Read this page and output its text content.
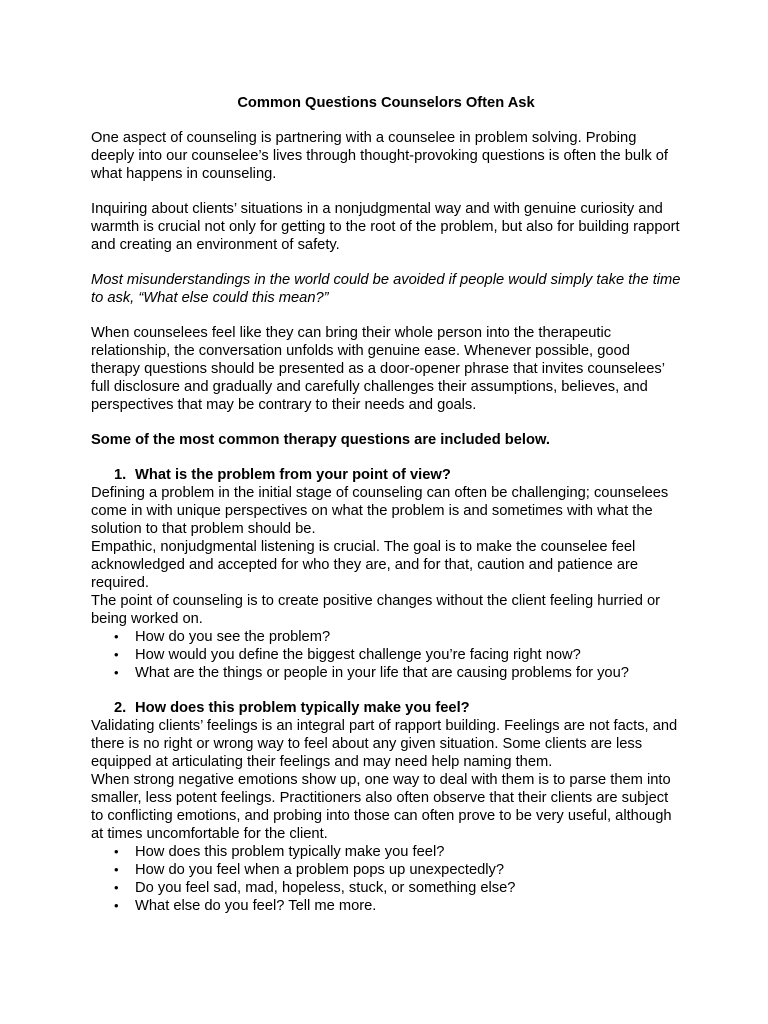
Common Questions Counselors Often Ask

One aspect of counseling is partnering with a counselee in problem solving. Probing deeply into our counselee’s lives through thought-provoking questions is often the bulk of what happens in counseling.

Inquiring about clients’ situations in a nonjudgmental way and with genuine curiosity and warmth is crucial not only for getting to the root of the problem, but also for building rapport and creating an environment of safety.

Most misunderstandings in the world could be avoided if people would simply take the time to ask, “What else could this mean?”

When counselees feel like they can bring their whole person into the therapeutic relationship, the conversation unfolds with genuine ease. Whenever possible, good therapy questions should be presented as a door-opener phrase that invites counselees’ full disclosure and gradually and carefully challenges their assumptions, believes, and perspectives that may be contrary to their needs and goals.

Some of the most common therapy questions are included below.

1. What is the problem from your point of view?

Defining a problem in the initial stage of counseling can often be challenging; counselees come in with unique perspectives on what the problem is and sometimes with what the solution to that problem should be.

Empathic, nonjudgmental listening is crucial. The goal is to make the counselee feel acknowledged and accepted for who they are, and for that, caution and patience are required.

The point of counseling is to create positive changes without the client feeling hurried or being worked on.

•	How do you see the problem?
•	How would you define the biggest challenge you’re facing right now?
•	What are the things or people in your life that are causing problems for you?
2. How does this problem typically make you feel?

Validating clients’ feelings is an integral part of rapport building. Feelings are not facts, and there is no right or wrong way to feel about any given situation. Some clients are less equipped at articulating their feelings and may need help naming them.

When strong negative emotions show up, one way to deal with them is to parse them into smaller, less potent feelings. Practitioners also often observe that their clients are subject to conflicting emotions, and probing into those can often prove to be very useful, although at times uncomfortable for the client.

•	How does this problem typically make you feel?
•	How do you feel when a problem pops up unexpectedly?
•	Do you feel sad, mad, hopeless, stuck, or something else?
•	What else do you feel? Tell me more.
